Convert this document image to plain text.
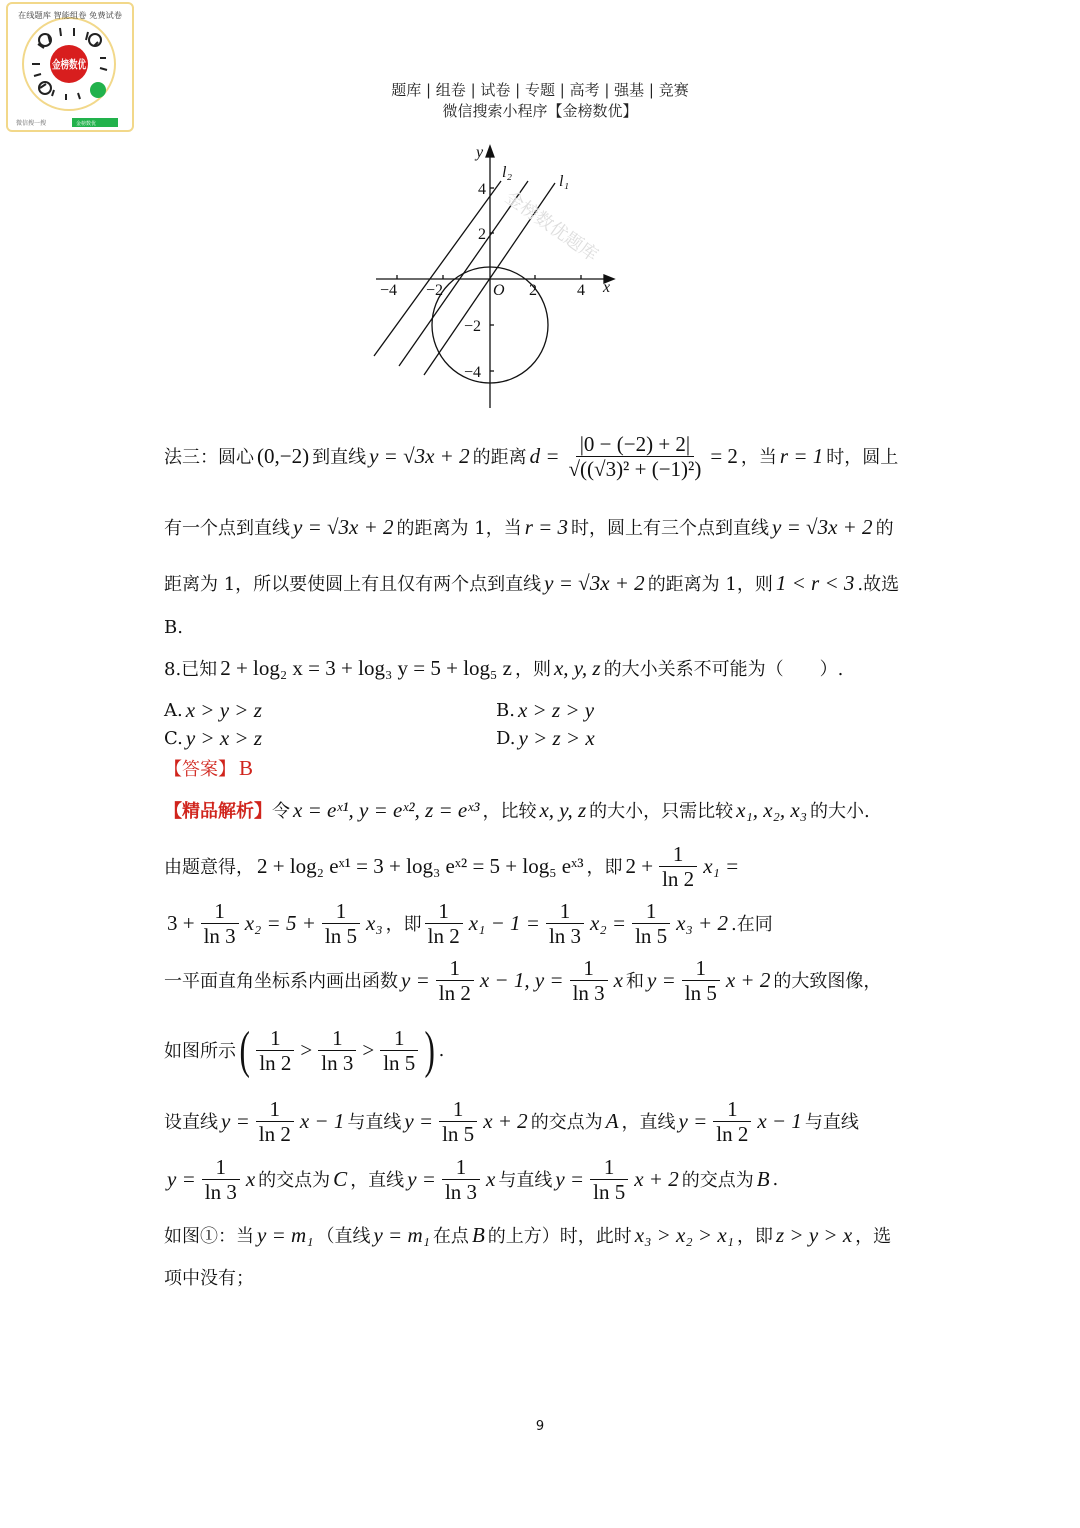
金榜数优
在线题库 智能组卷 免费试卷
微信搜一搜	金榜数优
题库 | 组卷 | 试卷 | 专题 | 高考 | 强基 | 竞赛
微信搜索小程序【金榜数优】
y
x
O
l₂
l₁
−4 −2	2	4
4
2
−2
−4
金榜数优题库
法三：圆心 (0,−2) 到直线 y = √3x + 2 的距离 $d = \frac{|0 - (-2) + 2|}{\text{√((√3)² + (−1)²)}} = 2$ ，当 r = 1 时，圆上
有一个点到直线 y = √3x + 2 的距离为 1，当 r = 3 时，圆上有三个点到直线 y = √3x + 2 的
距离为 1，所以要使圆上有且仅有两个点到直线 y = √3x + 2 的距离为 1，则 1 < r < 3 .故选
B.
8.已知 2 + log₂ x = 3 + log₃ y = 5 + log₅ z ，则 x, y, z 的大小关系不可能为（　　）.
A. x > y > z	B. x > z > y
C. y > x > z	D. y > z > x
【答案】 B
【精品解析】 令 x = eˣ¹, y = eˣ², z = eˣ³ ，比较 x, y, z 的大小，只需比较 x₁, x₂, x₃ 的大小.
由题意得， 2 + log₂ eˣ¹ = 3 + log₃ eˣ² = 5 + log₅ eˣ³ ，即 $2 + \frac{1}{\ln 2} x_1$ =
$3 + \frac{1}{\ln 3} x_2 = 5 + \frac{1}{\ln 5} x_3$ ，即 $\frac{1}{\ln 2} x_1 - 1 = \frac{1}{\ln 3} x_2 = \frac{1}{\ln 5} x_3 + 2$ .在同
一平面直角坐标系内画出函数 $y = \frac{1}{\ln 2}$ x − 1, $y = \frac{1}{\ln 3}$ x 和 $y = \frac{1}{\ln 5}$ x + 2 的大致图像，
如图所示 ( $\frac{1}{\ln 2} > \frac{1}{\ln 3} > \frac{1}{\ln 5}$ ) .
设直线 $y = \frac{1}{\ln 2}$ x − 1 与直线 $y = \frac{1}{\ln 5}$ x + 2 的交点为 A ，直线 $y = \frac{1}{\ln 2}$ x − 1 与直线
$y = \frac{1}{\ln 3}$ x 的交点为 C ，直线 $y = \frac{1}{\ln 3}$ x 与直线 $y = \frac{1}{\ln 5}$ x + 2 的交点为 B .
如图①：当 y = m₁ （直线 y = m₁ 在点 B 的上方）时，此时 x₃ > x₂ > x₁ ，即 z > y > x ，选
项中没有；
9
